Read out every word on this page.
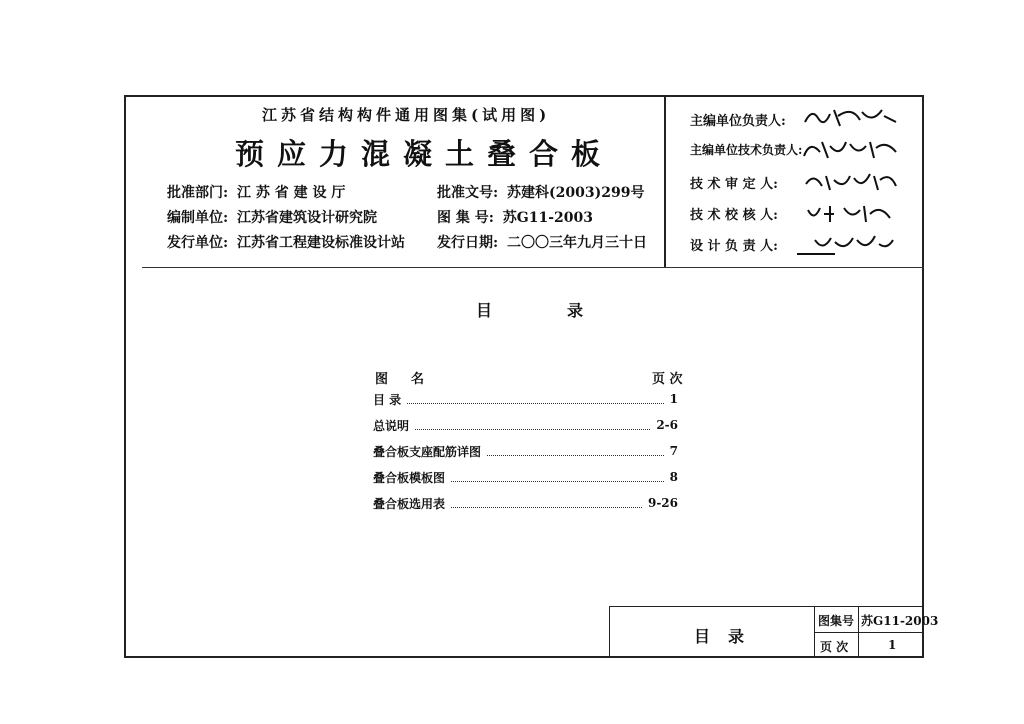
江苏省结构构件通用图集(试用图)
预应力混凝土叠合板
批准部门: 江 苏 省 建 设 厅
编制单位: 江苏省建筑设计研究院
发行单位: 江苏省工程建设标准设计站
批准文号: 苏建科(2003)299号
图 集 号: 苏G11-2003
发行日期: 二〇〇三年九月三十日
主编单位负责人:
主编单位技术负责人:
技 术 审 定 人:
技 术 校 核 人:
设 计 负 责 人:
目	录
图 名	页 次
目 录	1
总说明	2-6
叠合板支座配筋详图	7
叠合板模板图	8
叠合板选用表	9-26
目录
图集号 苏G11-2003
页 次	1
